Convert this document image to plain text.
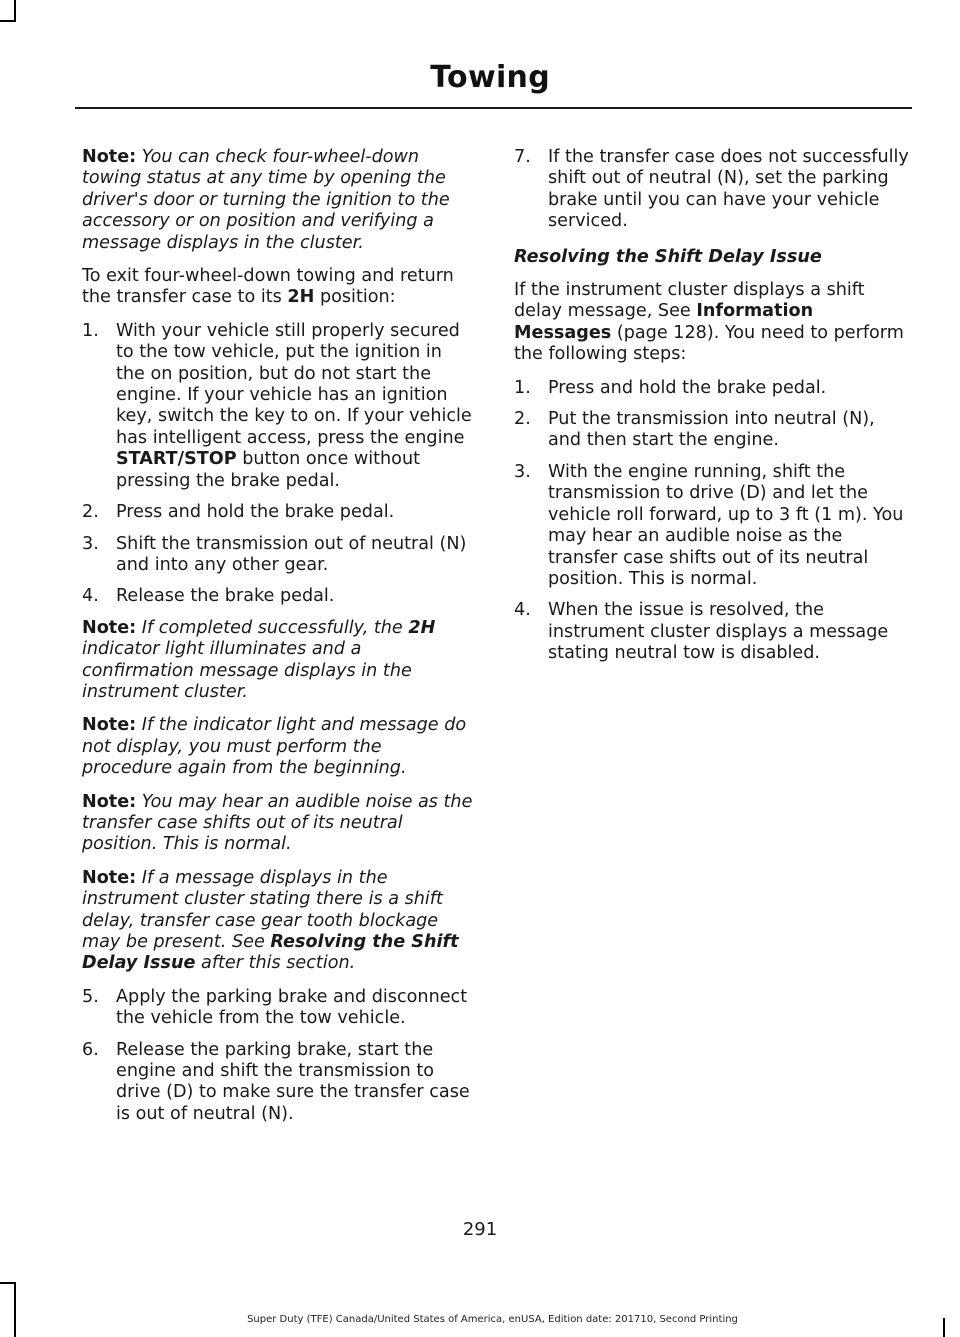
Towing

Note: You can check four-wheel-down towing status at any time by opening the driver's door or turning the ignition to the accessory or on position and verifying a message displays in the cluster.

To exit four-wheel-down towing and return the transfer case to its 2H position:

1. With your vehicle still properly secured to the tow vehicle, put the ignition in the on position, but do not start the engine. If your vehicle has an ignition key, switch the key to on. If your vehicle has intelligent access, press the engine START/STOP button once without pressing the brake pedal.
2. Press and hold the brake pedal.
3. Shift the transmission out of neutral (N) and into any other gear.
4. Release the brake pedal.

Note: If completed successfully, the 2H indicator light illuminates and a confirmation message displays in the instrument cluster.

Note: If the indicator light and message do not display, you must perform the procedure again from the beginning.

Note: You may hear an audible noise as the transfer case shifts out of its neutral position. This is normal.

Note: If a message displays in the instrument cluster stating there is a shift delay, transfer case gear tooth blockage may be present. See Resolving the Shift Delay Issue after this section.

5. Apply the parking brake and disconnect the vehicle from the tow vehicle.
6. Release the parking brake, start the engine and shift the transmission to drive (D) to make sure the transfer case is out of neutral (N).
7. If the transfer case does not successfully shift out of neutral (N), set the parking brake until you can have your vehicle serviced.

Resolving the Shift Delay Issue

If the instrument cluster displays a shift delay message, See Information Messages (page 128). You need to perform the following steps:

1. Press and hold the brake pedal.
2. Put the transmission into neutral (N), and then start the engine.
3. With the engine running, shift the transmission to drive (D) and let the vehicle roll forward, up to 3 ft (1 m). You may hear an audible noise as the transfer case shifts out of its neutral position. This is normal.
4. When the issue is resolved, the instrument cluster displays a message stating neutral tow is disabled.
291
Super Duty (TFE) Canada/United States of America, enUSA, Edition date: 201710, Second Printing
